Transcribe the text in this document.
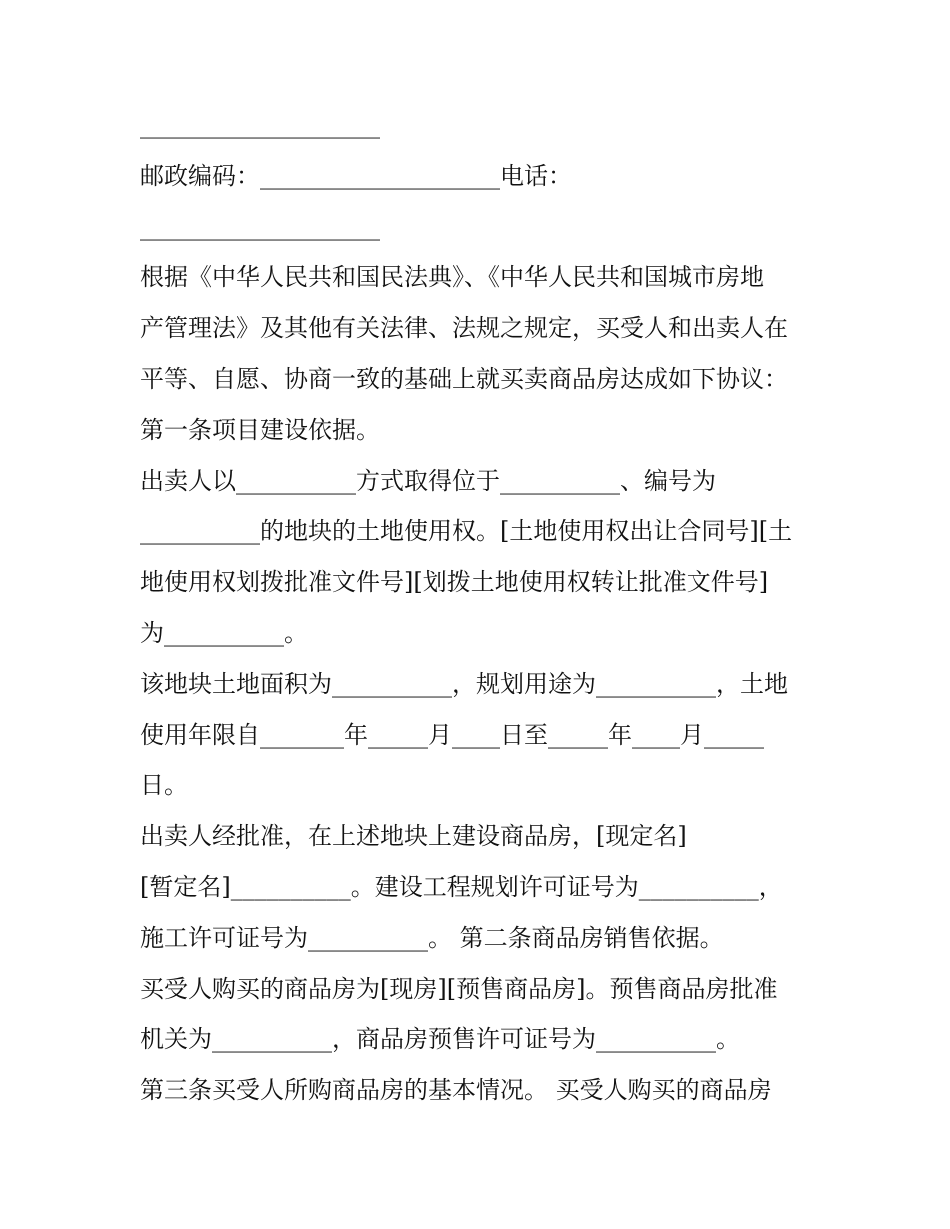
____________________
邮政编码：____________________电话：
____________________
根据《中华人民共和国民法典》、《中华人民共和国城市房地
产管理法》及其他有关法律、法规之规定，买受人和出卖人在
平等、自愿、协商一致的基础上就买卖商品房达成如下协议：
第一条项目建设依据。
出卖人以__________方式取得位于__________、编号为
__________的地块的土地使用权。[土地使用权出让合同号][土
地使用权划拨批准文件号][划拨土地使用权转让批准文件号]
为__________。
该地块土地面积为__________，规划用途为__________，土地
使用年限自_______年_____月____日至_____年____月_____
日。
出卖人经批准，在上述地块上建设商品房，[现定名]
[暂定名]__________。建设工程规划许可证号为__________，
施工许可证号为__________。 第二条商品房销售依据。
买受人购买的商品房为[现房][预售商品房]。预售商品房批准
机关为__________，商品房预售许可证号为__________。
第三条买受人所购商品房的基本情况。 买受人购买的商品房
